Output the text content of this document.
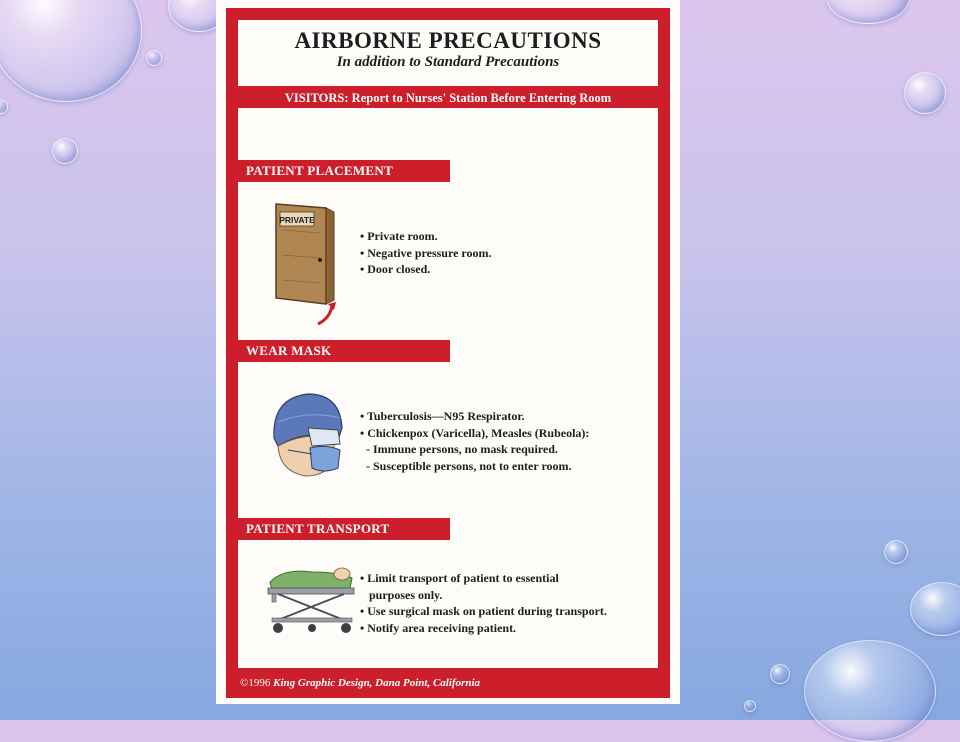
AIRBORNE PRECAUTIONS
In addition to Standard Precautions
VISITORS: Report to Nurses' Station Before Entering Room
PATIENT PLACEMENT
PRIVATE
• Private room.
• Negative pressure room.
• Door closed.
WEAR MASK
• Tuberculosis—N95 Respirator.
• Chickenpox (Varicella), Measles (Rubeola):
- Immune persons, no mask required.
- Susceptible persons, not to enter room.
PATIENT TRANSPORT
• Limit transport of patient to essential
purposes only.
• Use surgical mask on patient during transport.
• Notify area receiving patient.
©1996 King Graphic Design, Dana Point, California
